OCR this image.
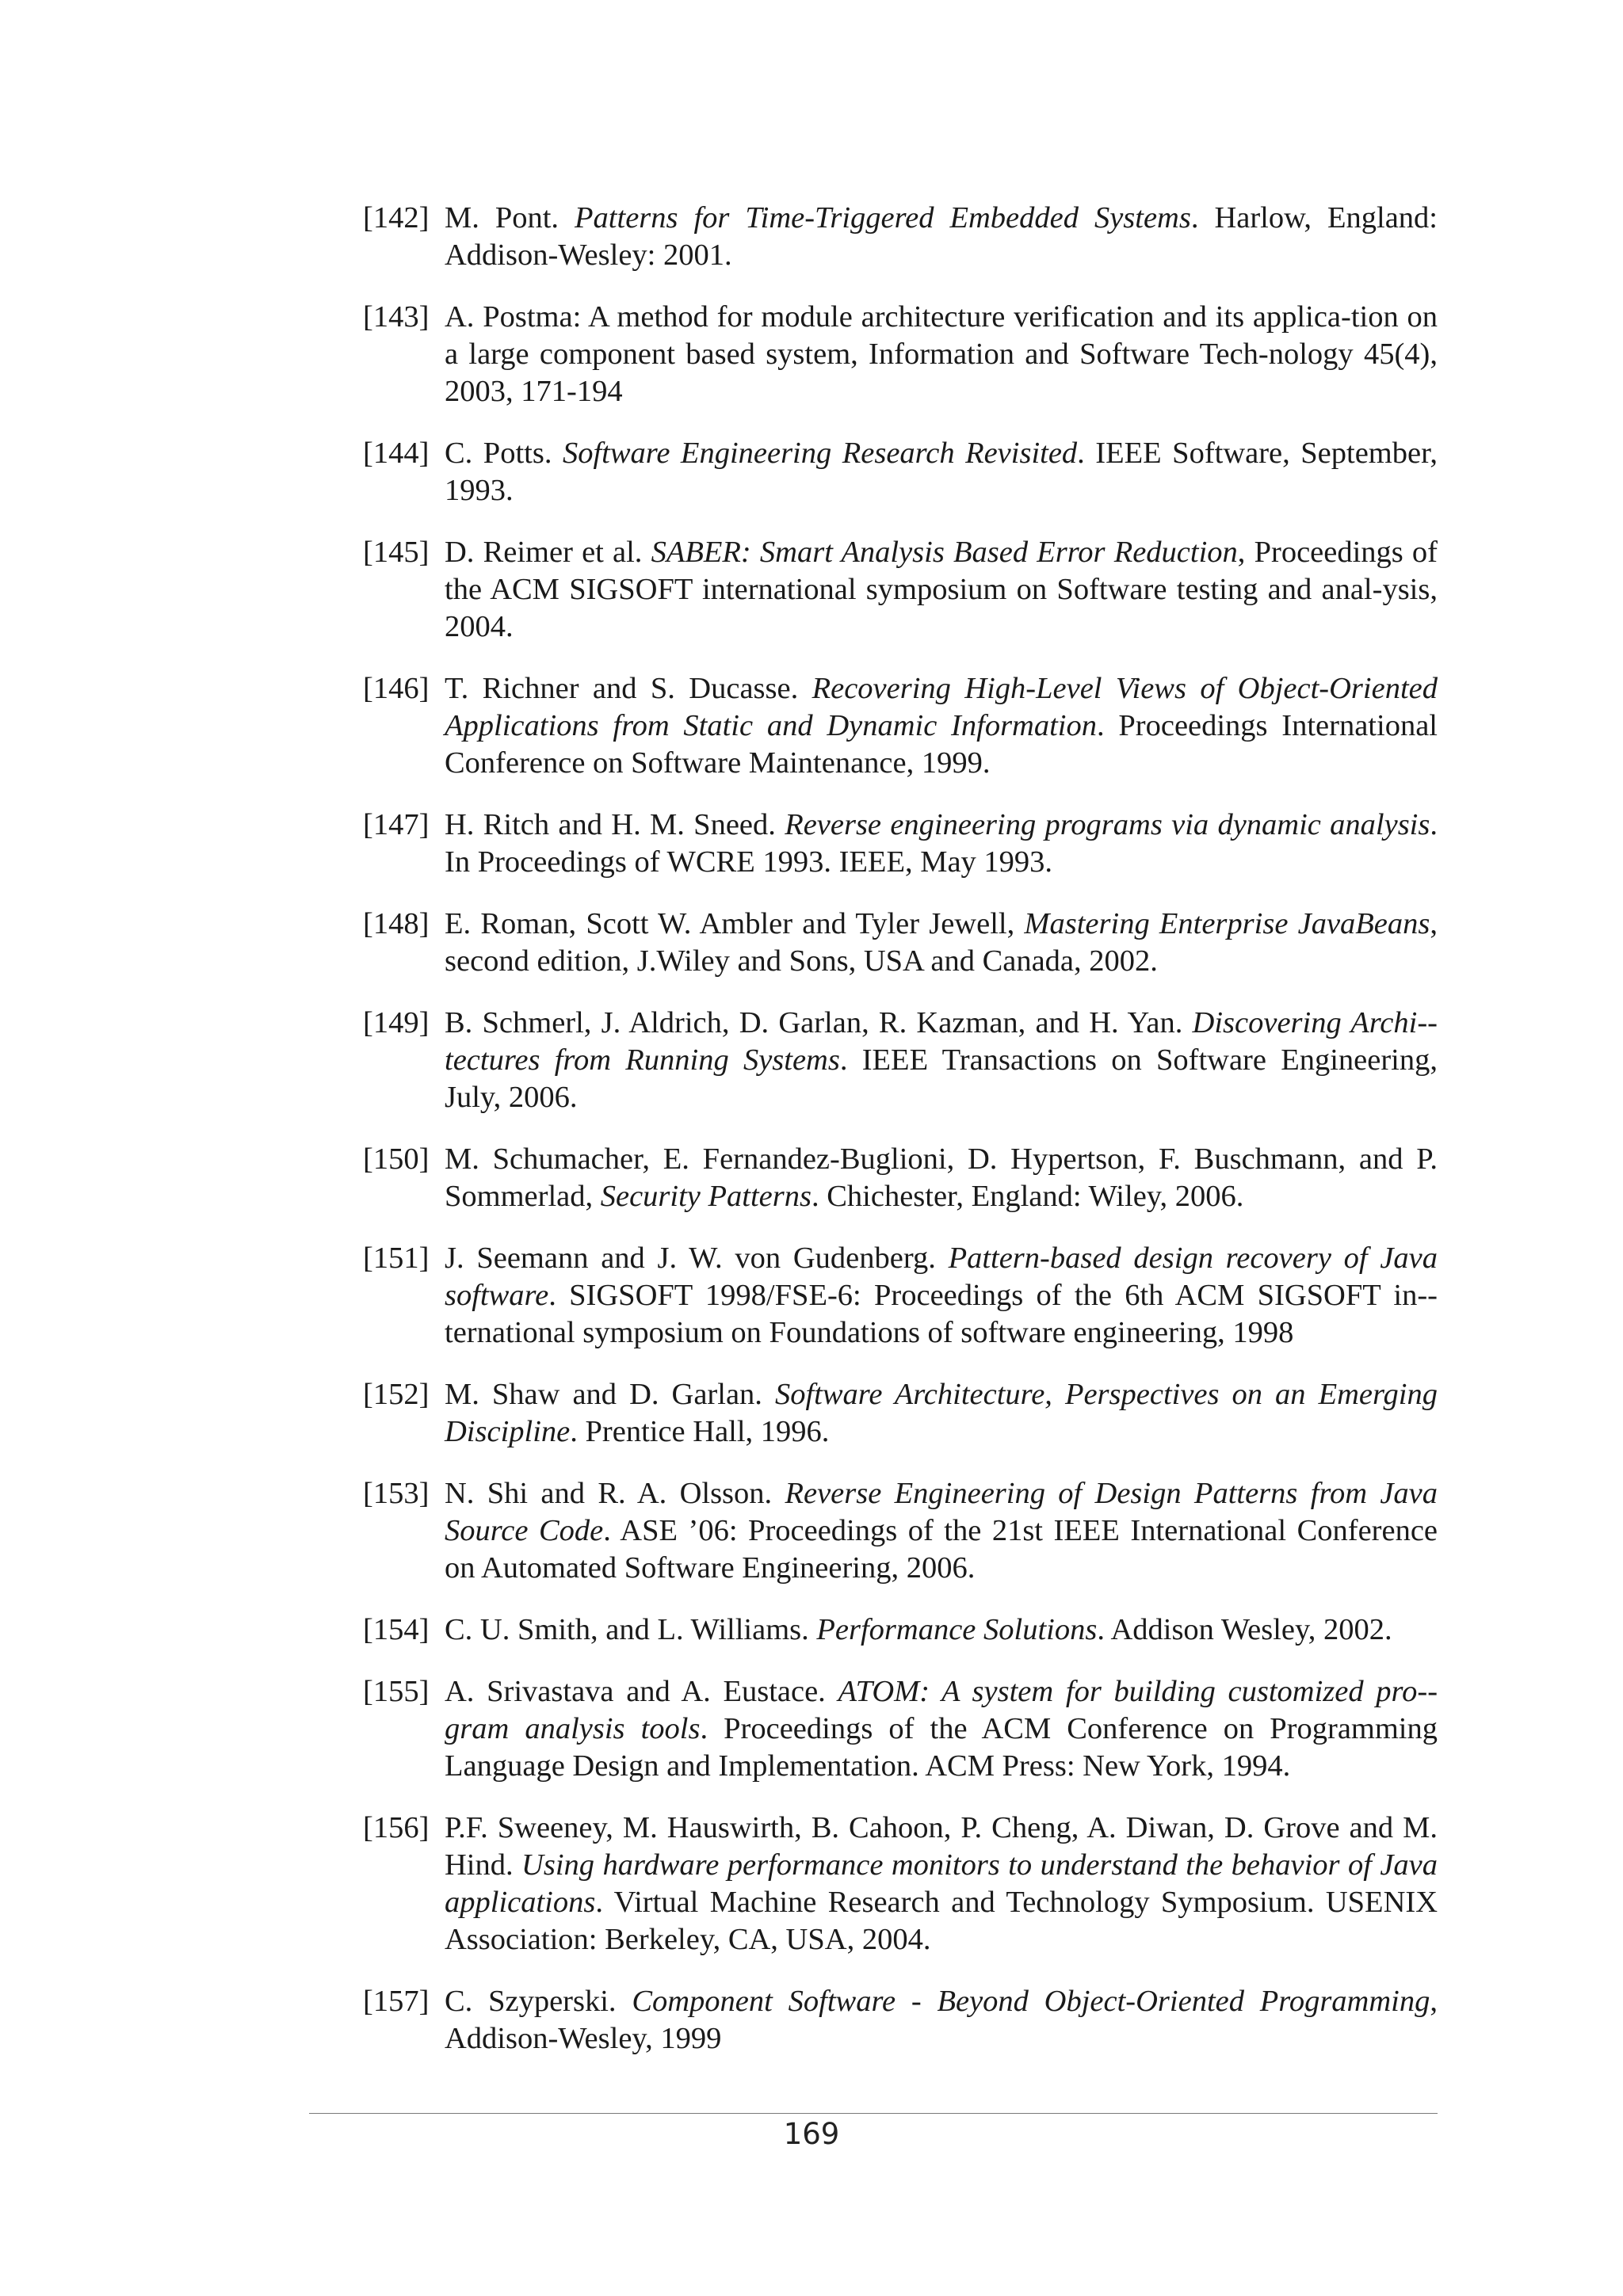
[142] M. Pont. Patterns for Time-Triggered Embedded Systems. Harlow, England: Addison-Wesley: 2001.
[143] A. Postma: A method for module architecture verification and its applica-tion on a large component based system, Information and Software Tech-nology 45(4), 2003, 171-194
[144] C. Potts. Software Engineering Research Revisited. IEEE Software, September, 1993.
[145] D. Reimer et al. SABER: Smart Analysis Based Error Reduction, Proceedings of the ACM SIGSOFT international symposium on Software testing and anal-ysis, 2004.
[146] T. Richner and S. Ducasse. Recovering High-Level Views of Object-Oriented Applications from Static and Dynamic Information. Proceedings International Conference on Software Maintenance, 1999.
[147] H. Ritch and H. M. Sneed. Reverse engineering programs via dynamic analysis. In Proceedings of WCRE 1993. IEEE, May 1993.
[148] E. Roman, Scott W. Ambler and Tyler Jewell, Mastering Enterprise JavaBeans, second edition, J.Wiley and Sons, USA and Canada, 2002.
[149] B. Schmerl, J. Aldrich, D. Garlan, R. Kazman, and H. Yan. Discovering Archi-tectures from Running Systems. IEEE Transactions on Software Engineering, July, 2006.
[150] M. Schumacher, E. Fernandez-Buglioni, D. Hypertson, F. Buschmann, and P. Sommerlad, Security Patterns. Chichester, England: Wiley, 2006.
[151] J. Seemann and J. W. von Gudenberg. Pattern-based design recovery of Java software. SIGSOFT 1998/FSE-6: Proceedings of the 6th ACM SIGSOFT in-ternational symposium on Foundations of software engineering, 1998
[152] M. Shaw and D. Garlan. Software Architecture, Perspectives on an Emerging Discipline. Prentice Hall, 1996.
[153] N. Shi and R. A. Olsson. Reverse Engineering of Design Patterns from Java Source Code. ASE ’06: Proceedings of the 21st IEEE International Conference on Automated Software Engineering, 2006.
[154] C. U. Smith, and L. Williams. Performance Solutions. Addison Wesley, 2002.
[155] A. Srivastava and A. Eustace. ATOM: A system for building customized pro-gram analysis tools. Proceedings of the ACM Conference on Programming Language Design and Implementation. ACM Press: New York, 1994.
[156] P.F. Sweeney, M. Hauswirth, B. Cahoon, P. Cheng, A. Diwan, D. Grove and M. Hind. Using hardware performance monitors to understand the behavior of Java applications. Virtual Machine Research and Technology Symposium. USENIX Association: Berkeley, CA, USA, 2004.
[157] C. Szyperski. Component Software - Beyond Object-Oriented Programming, Addison-Wesley, 1999
169
